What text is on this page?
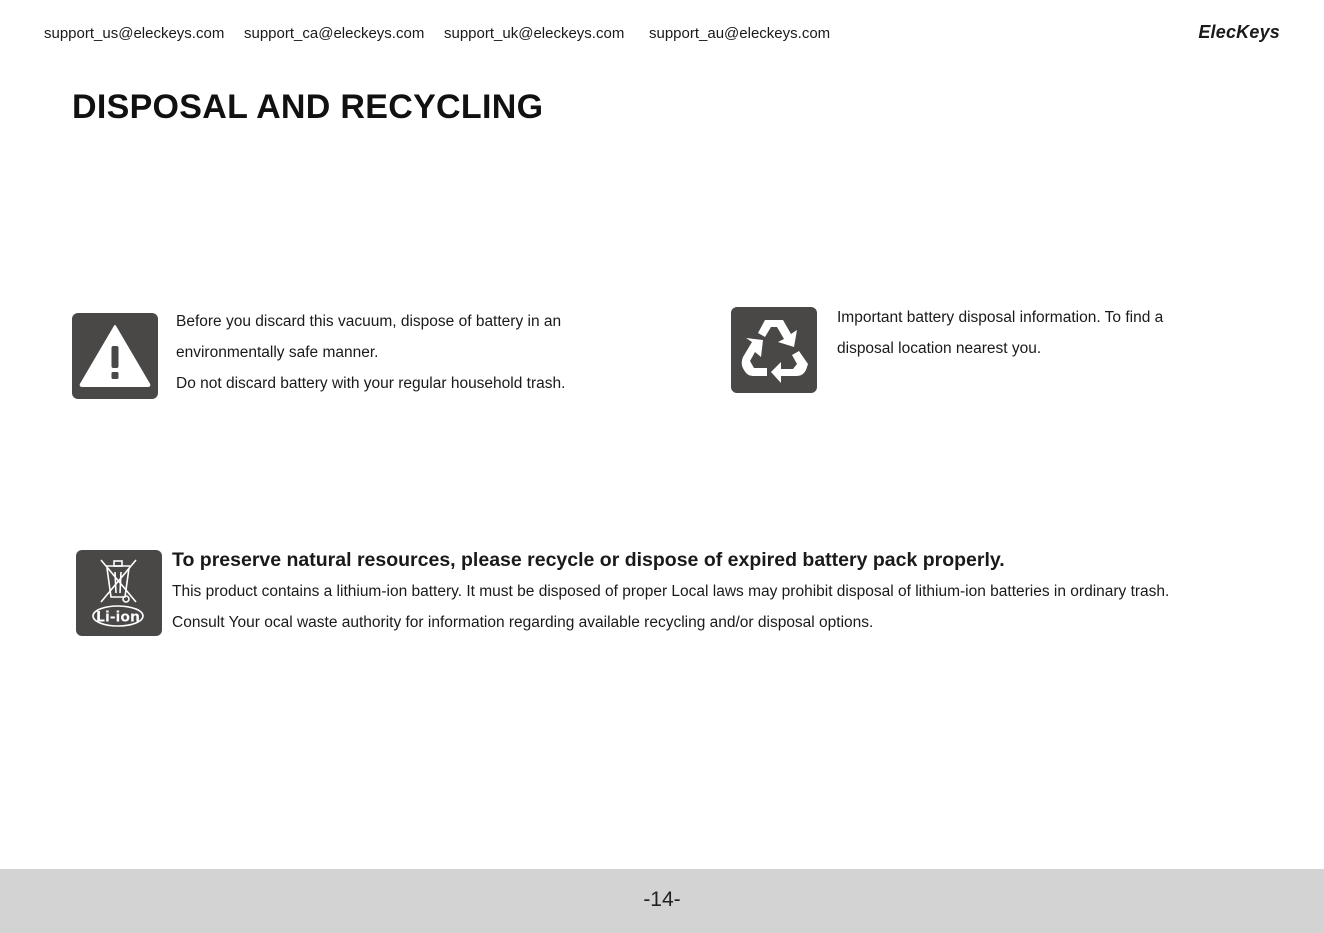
support_us@eleckeys.com support_ca@eleckeys.com support_uk@eleckeys.com support_au@eleckeys.com	ElecKeys
DISPOSAL AND RECYCLING

Before you discard this vacuum, dispose of battery in an

environmentally safe manner.

Do not discard battery with your regular household trash.

Important battery disposal information. To find a

disposal location nearest you.

Li-ion

To preserve natural resources, please recycle or dispose of expired battery pack properly.

This product contains a lithium-ion battery. It must be disposed of proper Local laws may prohibit disposal of lithium-ion batteries in ordinary trash.

Consult Your ocal waste authority for information regarding available recycling and/or disposal options.

-14-
